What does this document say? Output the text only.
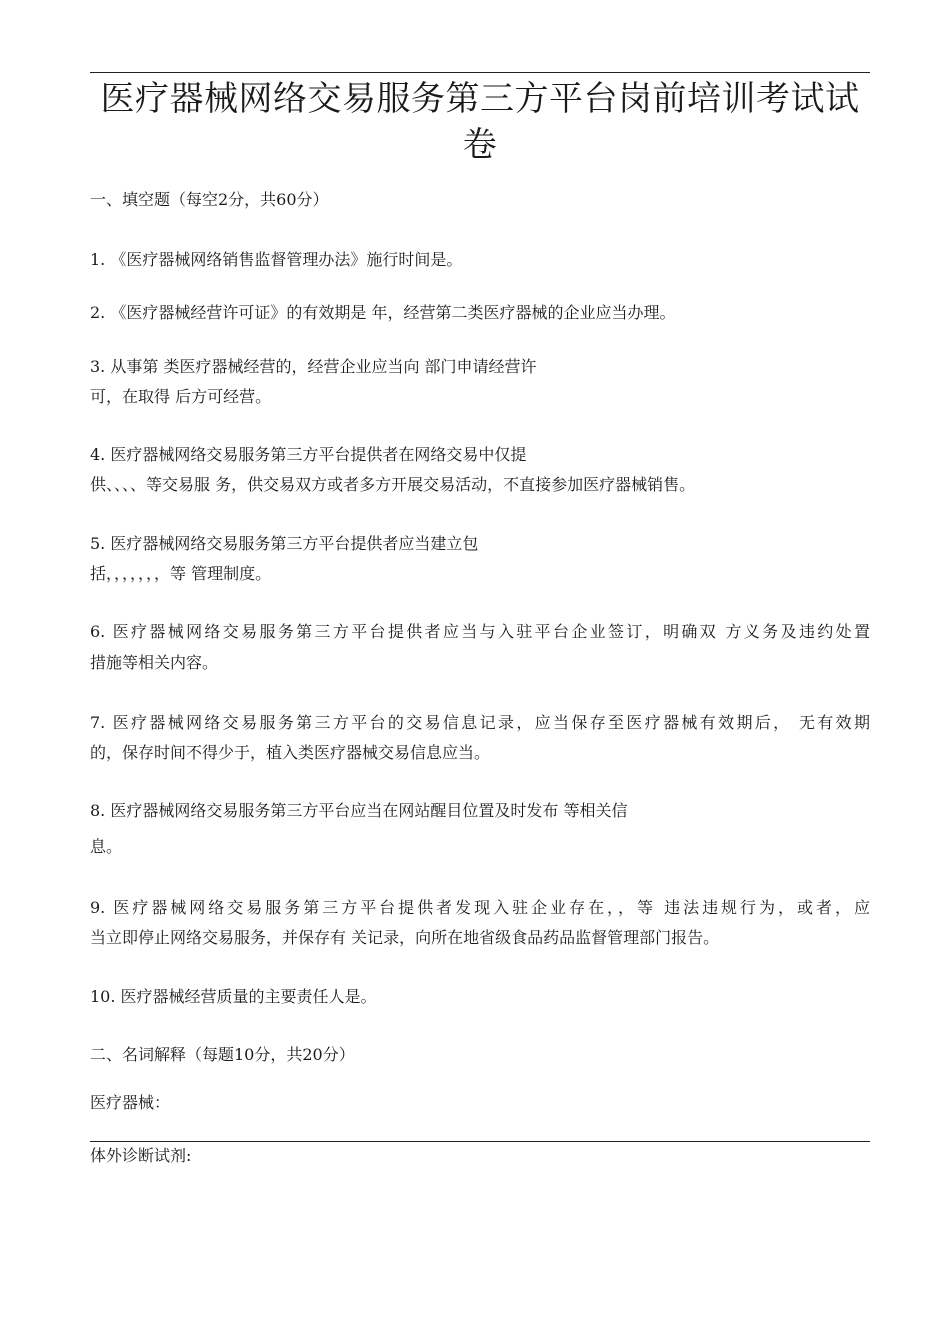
医疗器械网络交易服务第三方平台岗前培训考试试
卷
一、填空题（每空2分，共60分）
1. 《医疗器械网络销售监督管理办法》施行时间是。
2. 《医疗器械经营许可证》的有效期是 年，经营第二类医疗器械的企业应当办理。
3. 从事第 类医疗器械经营的，经营企业应当向 部门申请经营许
可，在取得 后方可经营。
4. 医疗器械网络交易服务第三方平台提供者在网络交易中仅提
供、、、、等交易服 务，供交易双方或者多方开展交易活动，不直接参加医疗器械销售。
5. 医疗器械网络交易服务第三方平台提供者应当建立包
括，，，，，，，等 管理制度。
6. 医疗器械网络交易服务第三方平台提供者应当与入驻平台企业签订，明确双 方义务及违约处置
措施等相关内容。
7. 医疗器械网络交易服务第三方平台的交易信息记录，应当保存至医疗器械有效期后， 无有效期
的，保存时间不得少于，植入类医疗器械交易信息应当。
8. 医疗器械网络交易服务第三方平台应当在网站醒目位置及时发布 等相关信
息。
9. 医疗器械网络交易服务第三方平台提供者发现入驻企业存在，，等 违法违规行为，或者，应
当立即停止网络交易服务，并保存有 关记录，向所在地省级食品药品监督管理部门报告。
10. 医疗器械经营质量的主要责任人是。
二、名词解释（每题10分，共20分）
医疗器械：
体外诊断试剂:
